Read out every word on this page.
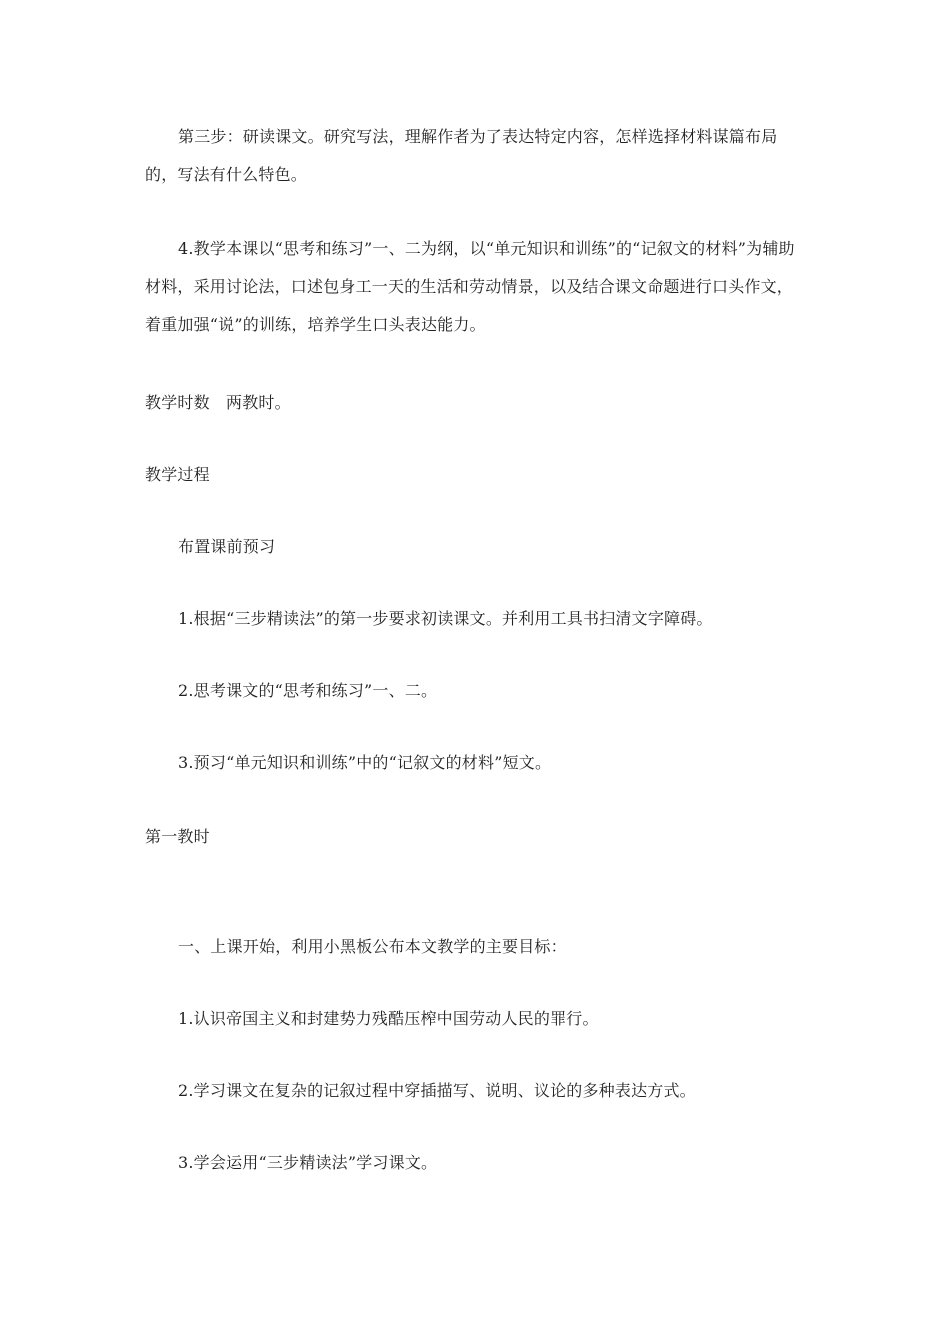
第三步：研读课文。研究写法，理解作者为了表达特定内容，怎样选择材料谋篇布局的，写法有什么特色。

4.教学本课以“思考和练习”一、二为纲，以“单元知识和训练”的“记叙文的材料”为辅助材料，采用讨论法，口述包身工一天的生活和劳动情景，以及结合课文命题进行口头作文，着重加强“说”的训练，培养学生口头表达能力。

教学时数　两教时。

教学过程

布置课前预习

1.根据“三步精读法”的第一步要求初读课文。并利用工具书扫清文字障碍。

2.思考课文的“思考和练习”一、二。

3.预习“单元知识和训练”中的“记叙文的材料”短文。

第一教时

一、上课开始，利用小黑板公布本文教学的主要目标：

1.认识帝国主义和封建势力残酷压榨中国劳动人民的罪行。

2.学习课文在复杂的记叙过程中穿插描写、说明、议论的多种表达方式。

3.学会运用“三步精读法”学习课文。
